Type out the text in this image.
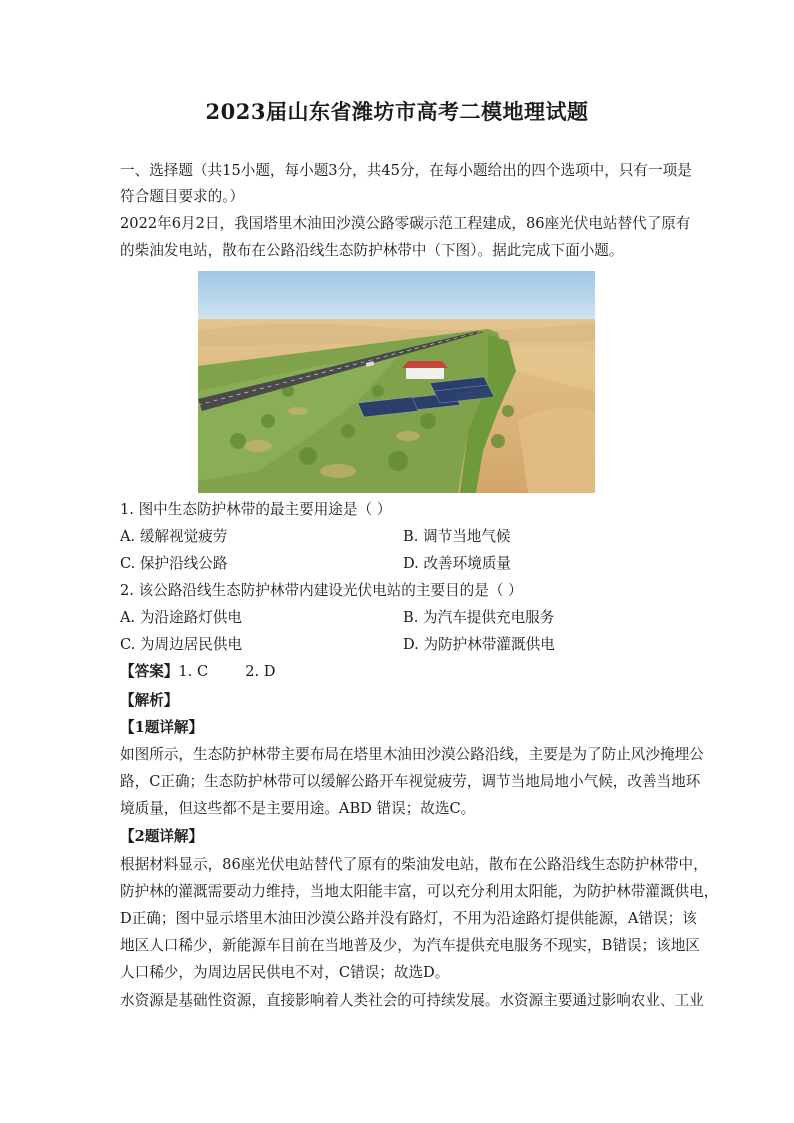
2023届山东省潍坊市高考二模地理试题
一、选择题（共15小题，每小题3分，共45分，在每小题给出的四个选项中，只有一项是
符合题目要求的。）
2022年6月2日，我国塔里木油田沙漠公路零碳示范工程建成，86座光伏电站替代了原有
的柴油发电站，散布在公路沿线生态防护林带中（下图）。据此完成下面小题。
1. 图中生态防护林带的最主要用途是（ ）
A. 缓解视觉疲劳	B. 调节当地气候
C. 保护沿线公路	D. 改善环境质量
2. 该公路沿线生态防护林带内建设光伏电站的主要目的是（ ）
A. 为沿途路灯供电	B. 为汽车提供充电服务
C. 为周边居民供电	D. 为防护林带灌溉供电
【答案】1. C        2. D
【解析】
【1题详解】
如图所示，生态防护林带主要布局在塔里木油田沙漠公路沿线，主要是为了防止风沙掩埋公
路，C正确；生态防护林带可以缓解公路开车视觉疲劳，调节当地局地小气候，改善当地环
境质量，但这些都不是主要用途。ABD 错误；故选C。
【2题详解】
根据材料显示，86座光伏电站替代了原有的柴油发电站，散布在公路沿线生态防护林带中，
防护林的灌溉需要动力维持，当地太阳能丰富，可以充分利用太阳能，为防护林带灌溉供电，
D正确；图中显示塔里木油田沙漠公路并没有路灯，不用为沿途路灯提供能源，A错误；该
地区人口稀少，新能源车目前在当地普及少，为汽车提供充电服务不现实，B错误；该地区
人口稀少，为周边居民供电不对，C错误；故选D。
水资源是基础性资源，直接影响着人类社会的可持续发展。水资源主要通过影响农业、工业
